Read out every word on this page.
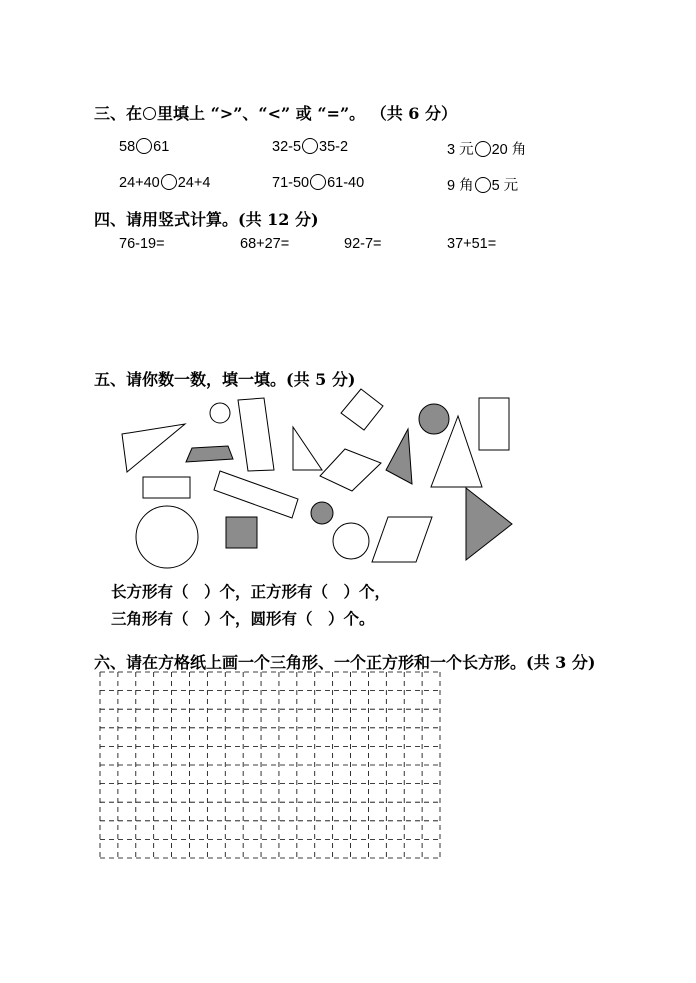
三、在 里填上 “>”、“<” 或 “=”。 （共 6 分）
58 61	32-5 35-2	3 元 20 角
24+40 24+4	71-50 61-40	9 角 5 元
四、请用竖式计算。(共 12 分)
76-19=	68+27=	92-7=	37+51=
五、请你数一数，填一填。(共 5 分)
长方形有（　）个，正方形有（　）个，
三角形有（　）个，圆形有（　）个。
六、请在方格纸上画一个三角形、一个正方形和一个长方形。(共 3 分)
